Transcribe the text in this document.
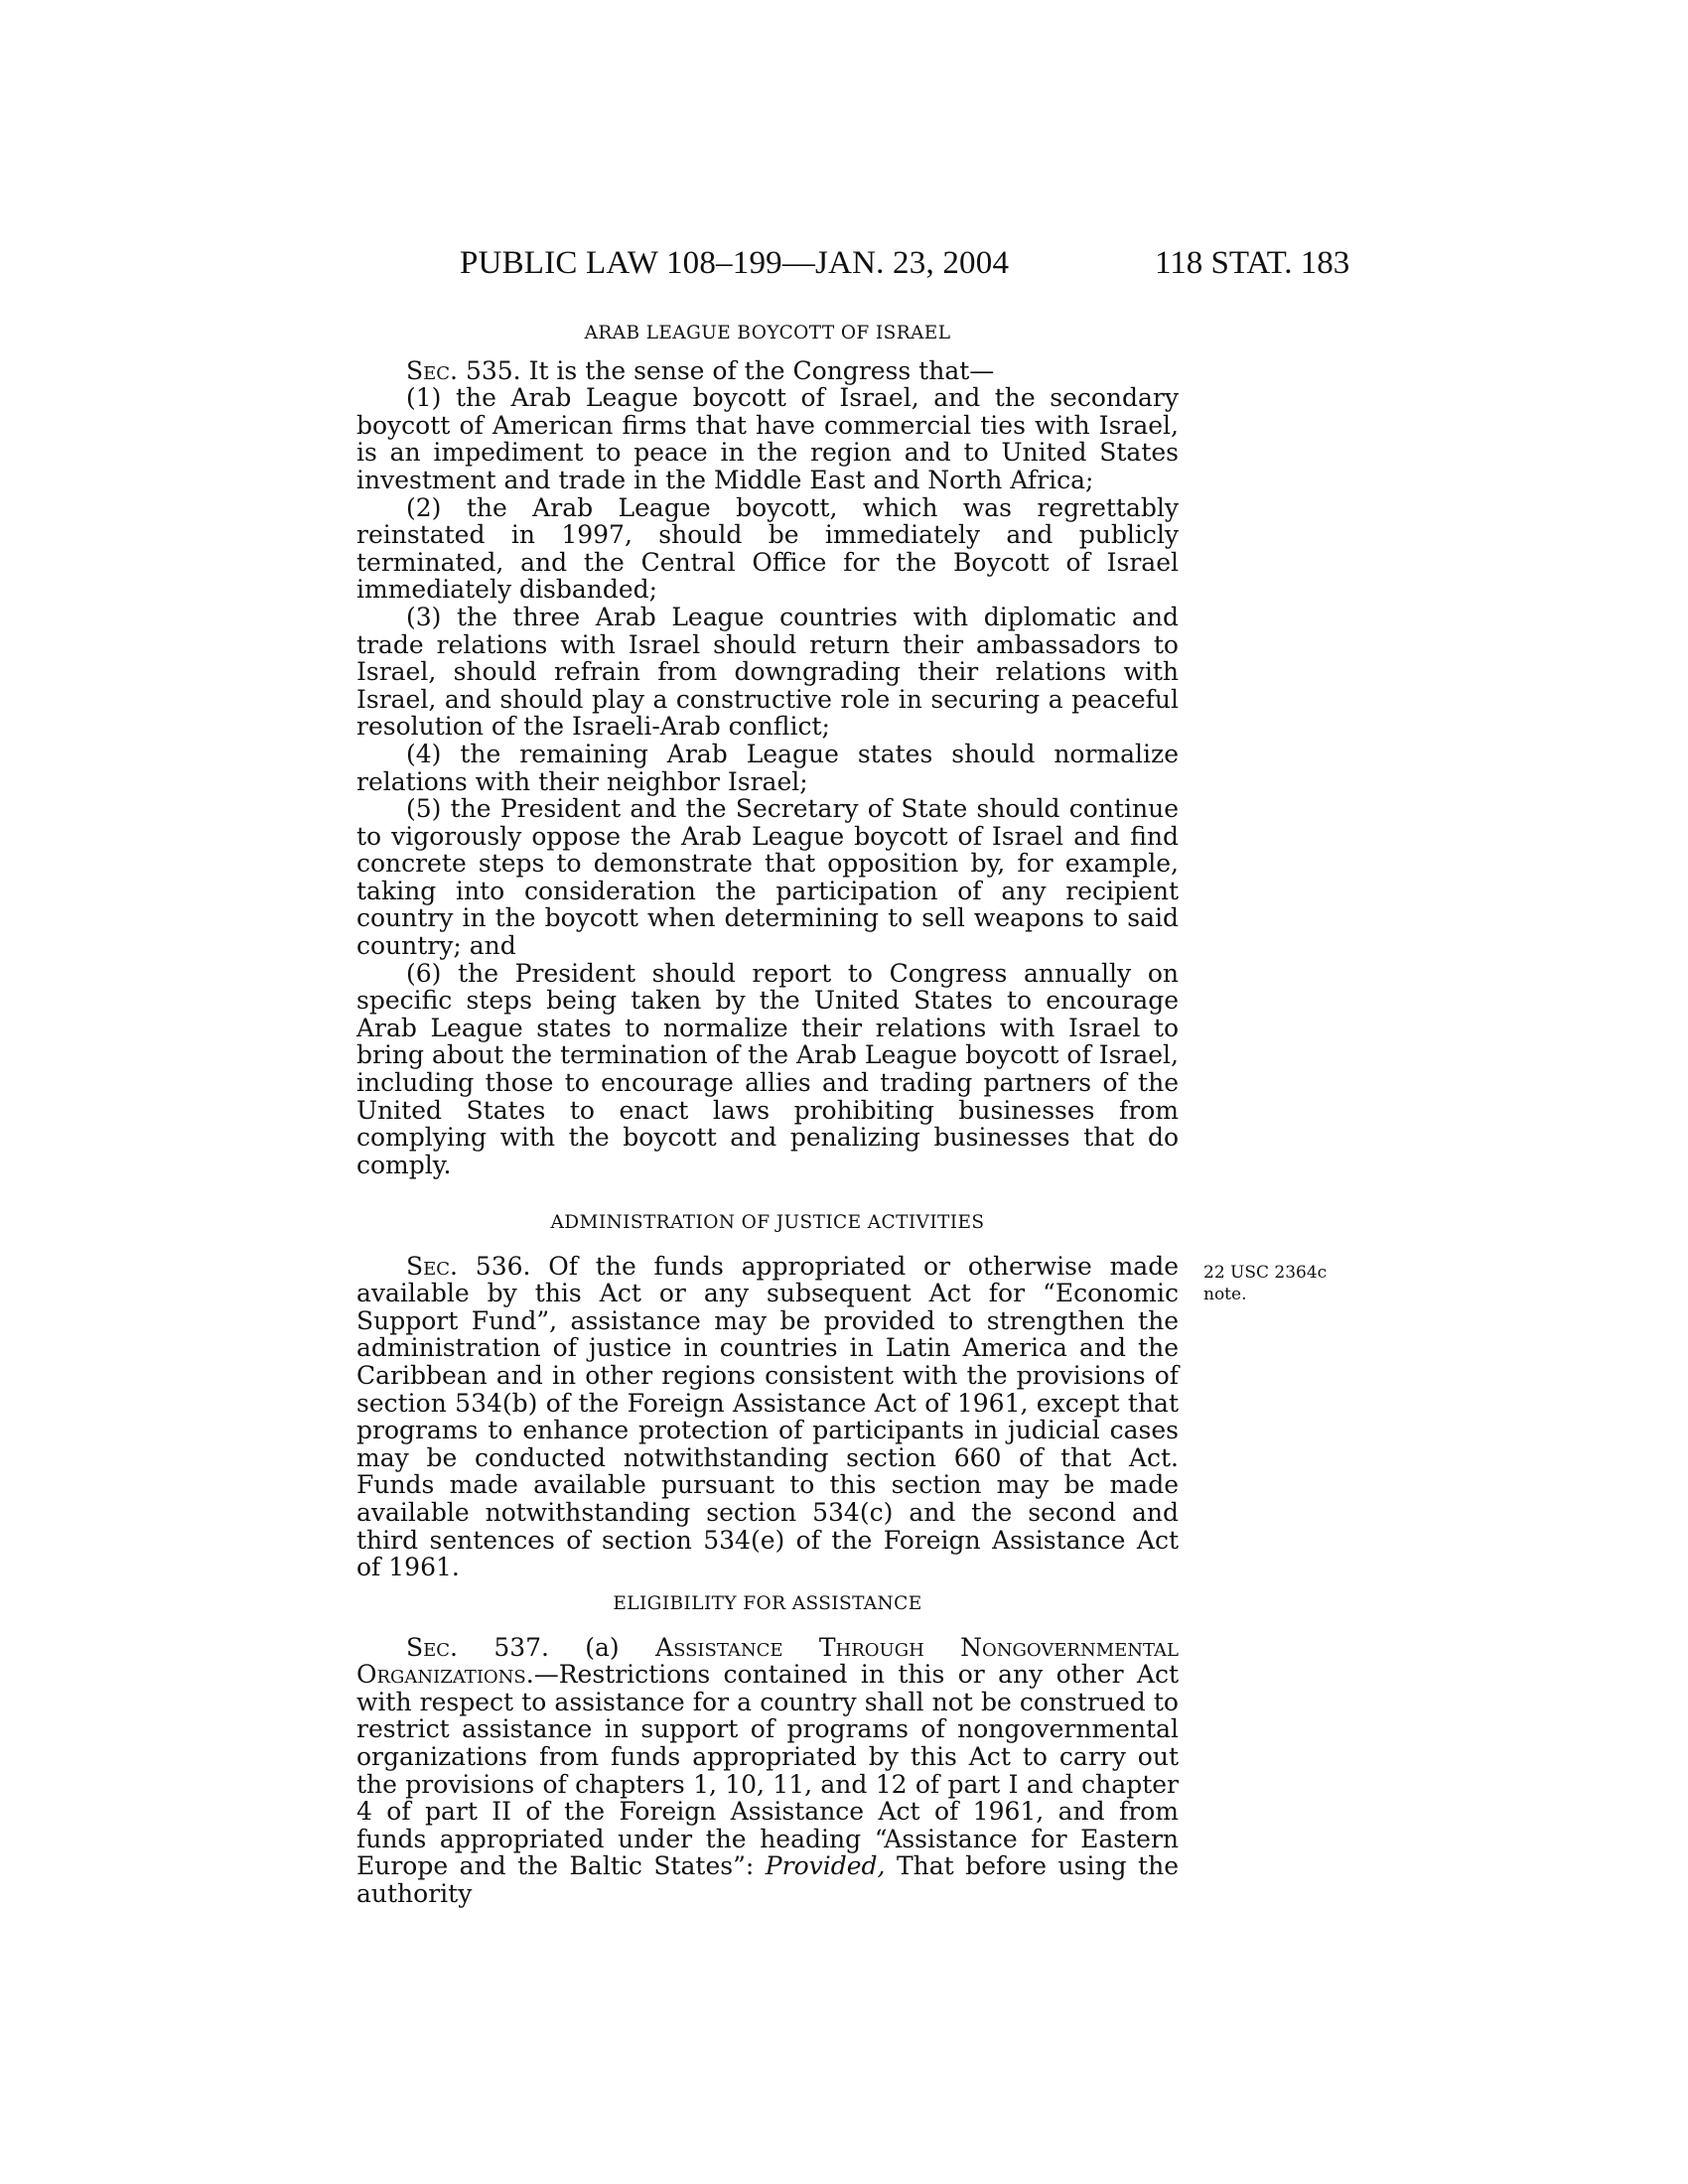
PUBLIC LAW 108–199—JAN. 23, 2004	118 STAT. 183
ARAB LEAGUE BOYCOTT OF ISRAEL

Sec. 535. It is the sense of the Congress that—

(1) the Arab League boycott of Israel, and the secondary boycott of American firms that have commercial ties with Israel, is an impediment to peace in the region and to United States investment and trade in the Middle East and North Africa;

(2) the Arab League boycott, which was regrettably reinstated in 1997, should be immediately and publicly terminated, and the Central Office for the Boycott of Israel immediately disbanded;

(3) the three Arab League countries with diplomatic and trade relations with Israel should return their ambassadors to Israel, should refrain from downgrading their relations with Israel, and should play a constructive role in securing a peaceful resolution of the Israeli-Arab conflict;

(4) the remaining Arab League states should normalize relations with their neighbor Israel;

(5) the President and the Secretary of State should continue to vigorously oppose the Arab League boycott of Israel and find concrete steps to demonstrate that opposition by, for example, taking into consideration the participation of any recipient country in the boycott when determining to sell weapons to said country; and

(6) the President should report to Congress annually on specific steps being taken by the United States to encourage Arab League states to normalize their relations with Israel to bring about the termination of the Arab League boycott of Israel, including those to encourage allies and trading partners of the United States to enact laws prohibiting businesses from complying with the boycott and penalizing businesses that do comply.

ADMINISTRATION OF JUSTICE ACTIVITIES

Sec. 536. Of the funds appropriated or otherwise made available by this Act or any subsequent Act for “Economic Support Fund”, assistance may be provided to strengthen the administration of justice in countries in Latin America and the Caribbean and in other regions consistent with the provisions of section 534(b) of the Foreign Assistance Act of 1961, except that programs to enhance protection of participants in judicial cases may be conducted notwithstanding section 660 of that Act. Funds made available pursuant to this section may be made available notwithstanding section 534(c) and the second and third sentences of section 534(e) of the Foreign Assistance Act of 1961.

22 USC 2364c
note.
ELIGIBILITY FOR ASSISTANCE

Sec. 537. (a) Assistance Through Nongovernmental Organizations.—Restrictions contained in this or any other Act with respect to assistance for a country shall not be construed to restrict assistance in support of programs of nongovernmental organizations from funds appropriated by this Act to carry out the provisions of chapters 1, 10, 11, and 12 of part I and chapter 4 of part II of the Foreign Assistance Act of 1961, and from funds appropriated under the heading “Assistance for Eastern Europe and the Baltic States”: Provided, That before using the authority
